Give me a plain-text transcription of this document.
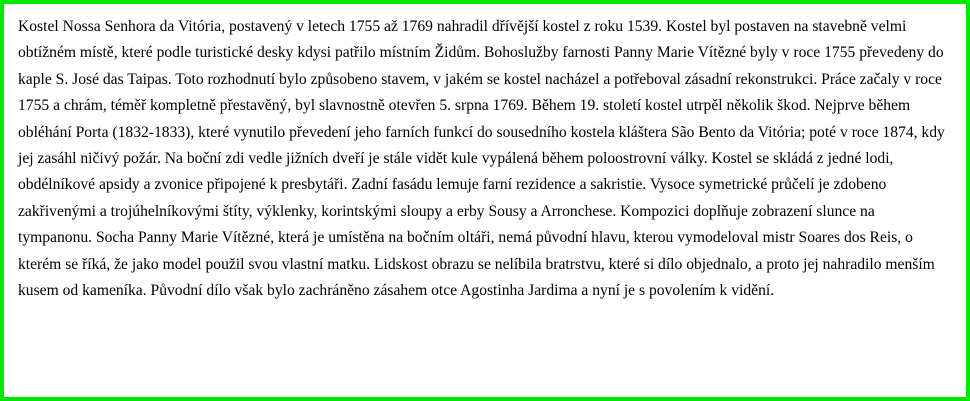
Kostel Nossa Senhora da Vitória, postavený v letech 1755 až 1769 nahradil dřívější kostel z roku 1539. Kostel byl postaven na stavebně velmi obtížném místě, které podle turistické desky kdysi patřilo místním Židům. Bohoslužby farnosti Panny Marie Vítězné byly v roce 1755 převedeny do kaple S. José das Taipas. Toto rozhodnutí bylo způsobeno stavem, v jakém se kostel nacházel a potřeboval zásadní rekonstrukci. Práce začaly v roce 1755 a chrám, téměř kompletně přestavěný, byl slavnostně otevřen 5. srpna 1769. Během 19. století kostel utrpěl několik škod. Nejprve během obléhání Porta (1832-1833), které vynutilo převedení jeho farních funkcí do sousedního kostela kláštera São Bento da Vitória; poté v roce 1874, kdy jej zasáhl ničivý požár. Na boční zdi vedle jižních dveří je stále vidět kule vypálená během poloostrovní války. Kostel se skládá z jedné lodi, obdélníkové apsidy a zvonice připojené k presbytáři. Zadní fasádu lemuje farní rezidence a sakristie. Vysoce symetrické průčelí je zdobeno zakřivenými a trojúhelníkovými štíty, výklenky, korintskými sloupy a erby Sousy a Arronchese. Kompozici doplňuje zobrazení slunce na tympanonu. Socha Panny Marie Vítězné, která je umístěna na bočním oltáři, nemá původní hlavu, kterou vymodeloval mistr Soares dos Reis, o kterém se říká, že jako model použil svou vlastní matku. Lidskost obrazu se nelíbila bratrstvu, které si dílo objednalo, a proto jej nahradilo menším kusem od kameníka. Původní dílo však bylo zachráněno zásahem otce Agostinha Jardima a nyní je s povolením k vidění.
